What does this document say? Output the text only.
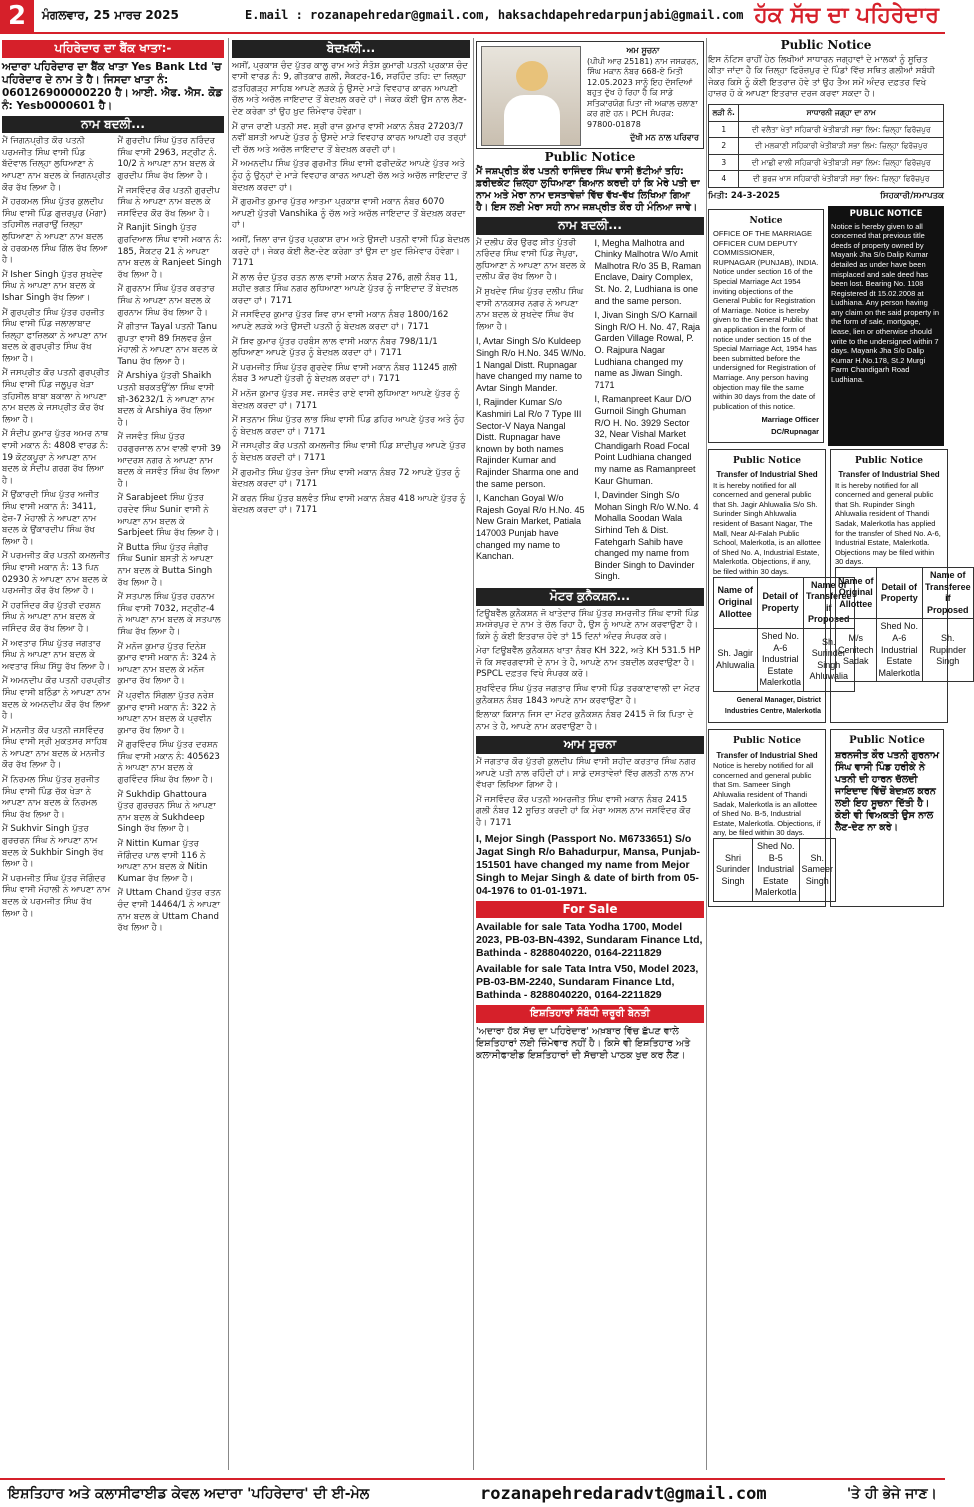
2	ਮੰਗਲਵਾਰ, 25 ਮਾਰਚ 2025	E.mail : rozanapehredar@gmail.com, haksachdapehredarpunjabi@gmail.com ਹੱਕ ਸੱਚ ਦਾ ਪਹਿਰੇਦਾਰ
ਪਹਿਰੇਦਾਰ ਦਾ ਬੈਂਕ ਖਾਤਾ:-
ਅਦਾਰਾ ਪਹਿਰੇਦਾਰ ਦਾ ਬੈਂਕ ਖਾਤਾ Yes Bank Ltd 'ਚ ਪਹਿਰੇਦਾਰ ਦੇ ਨਾਮ ਤੇ ਹੈ। ਜਿਸਦਾ ਖਾਤਾ ਨੰ: 060126900000220 ਹੈ। ਆਈ. ਐਫ. ਐਸ. ਕੋਡ ਨੰ: Yesb0000601 ਹੈ।
ਨਾਮ ਬਦਲੀ...

ਮੈਂ ਜਿਗਨਪ੍ਰੀਤ ਕੌਰ ਪਤਨੀ ਪਰਮਜੀਤ ਸਿੰਘ ਵਾਸੀ ਪਿੰਡ ਬੱਦੋਵਾਲ ਜ਼ਿਲ੍ਹਾ ਲੁਧਿਆਣਾ ਨੇ ਆਪਣਾ ਨਾਮ ਬਦਲ ਕੇ ਜਿਗਨਪ੍ਰੀਤ ਕੌਰ ਰੱਖ ਲਿਆ ਹੈ।

ਮੈਂ ਹਰਕਮਲ ਸਿੰਘ ਪੁੱਤਰ ਕੁਲਦੀਪ ਸਿੰਘ ਵਾਸੀ ਪਿੰਡ ਗੁਜ਼ਰਪੁਰ (ਮੋਗਾ) ਤਹਿਸੀਲ ਜਗਰਾਉਂ ਜ਼ਿਲ੍ਹਾ ਲੁਧਿਆਣਾ ਨੇ ਆਪਣਾ ਨਾਮ ਬਦਲ ਕੇ ਹਰਕਮਲ ਸਿੰਘ ਗਿੱਲ ਰੱਖ ਲਿਆ ਹੈ।

ਮੈਂ Isher Singh ਪੁੱਤਰ ਸੁਖਦੇਵ ਸਿੰਘ ਨੇ ਆਪਣਾ ਨਾਮ ਬਦਲ ਕੇ Ishar Singh ਰੱਖ ਲਿਆ।

ਮੈਂ ਗੁਰਪ੍ਰੀਤ ਸਿੰਘ ਪੁੱਤਰ ਹਰਜੀਤ ਸਿੰਘ ਵਾਸੀ ਪਿੰਡ ਜਲਾਲਾਬਾਦ ਜ਼ਿਲ੍ਹਾ ਫਾਜ਼ਿਲਕਾ ਨੇ ਆਪਣਾ ਨਾਮ ਬਦਲ ਕੇ ਗੁਰਪ੍ਰੀਤ ਸਿੰਘ ਰੱਖ ਲਿਆ ਹੈ।

ਮੈਂ ਜਸਪ੍ਰੀਤ ਕੌਰ ਪਤਨੀ ਗੁਰਪ੍ਰੀਤ ਸਿੰਘ ਵਾਸੀ ਪਿੰਡ ਜਲੂਪੁਰ ਖੇੜਾ ਤਹਿਸੀਲ ਬਾਬਾ ਬਕਾਲਾ ਨੇ ਆਪਣਾ ਨਾਮ ਬਦਲ ਕੇ ਜਸਪ੍ਰੀਤ ਕੌਰ ਰੱਖ ਲਿਆ ਹੈ।

ਮੈਂ ਸੰਦੀਪ ਕੁਮਾਰ ਪੁੱਤਰ ਅਮਰ ਨਾਥ ਵਾਸੀ ਮਕਾਨ ਨੰ: 4808 ਵਾਰਡ ਨੰ: 19 ਕੋਟਕਪੂਰਾ ਨੇ ਆਪਣਾ ਨਾਮ ਬਦਲ ਕੇ ਸੰਦੀਪ ਗਰਗ ਰੱਖ ਲਿਆ ਹੈ।

ਮੈਂ ਉਂਕਾਰਦੀ ਸਿੰਘ ਪੁੱਤਰ ਅਜੀਤ ਸਿੰਘ ਵਾਸੀ ਮਕਾਨ ਨੰ: 3411, ਫੇਜ਼-7 ਮੋਹਾਲੀ ਨੇ ਆਪਣਾ ਨਾਮ ਬਦਲ ਕੇ ਉਂਕਾਰਦੀਪ ਸਿੰਘ ਰੱਖ ਲਿਆ ਹੈ।

ਮੈਂ ਪਰਮਜੀਤ ਕੌਰ ਪਤਨੀ ਕਮਲਜੀਤ ਸਿੰਘ ਵਾਸੀ ਮਕਾਨ ਨੰ: 13 ਪਿਨ 02930 ਨੇ ਆਪਣਾ ਨਾਮ ਬਦਲ ਕੇ ਪਰਮਜੀਤ ਕੌਰ ਰੱਖ ਲਿਆ ਹੈ।

ਮੈਂ ਹਰਜਿੰਦਰ ਕੌਰ ਪੁੱਤਰੀ ਦਰਸ਼ਨ ਸਿੰਘ ਨੇ ਆਪਣਾ ਨਾਮ ਬਦਲ ਕੇ ਜਸਿੰਦਰ ਕੌਰ ਰੱਖ ਲਿਆ ਹੈ।

ਮੈਂ ਅਵਤਾਰ ਸਿੰਘ ਪੁੱਤਰ ਜਗਤਾਰ ਸਿੰਘ ਨੇ ਆਪਣਾ ਨਾਮ ਬਦਲ ਕੇ ਅਵਤਾਰ ਸਿੰਘ ਸਿੱਧੂ ਰੱਖ ਲਿਆ ਹੈ।

ਮੈਂ ਅਮਨਦੀਪ ਕੌਰ ਪਤਨੀ ਹਰਪ੍ਰੀਤ ਸਿੰਘ ਵਾਸੀ ਬਠਿੰਡਾ ਨੇ ਆਪਣਾ ਨਾਮ ਬਦਲ ਕੇ ਅਮਨਦੀਪ ਕੌਰ ਰੱਖ ਲਿਆ ਹੈ।

ਮੈਂ ਮਨਜੀਤ ਕੌਰ ਪਤਨੀ ਜਸਵਿੰਦਰ ਸਿੰਘ ਵਾਸੀ ਸ੍ਰੀ ਮੁਕਤਸਰ ਸਾਹਿਬ ਨੇ ਆਪਣਾ ਨਾਮ ਬਦਲ ਕੇ ਮਨਜੀਤ ਕੌਰ ਰੱਖ ਲਿਆ ਹੈ।

ਮੈਂ ਨਿਰਮਲ ਸਿੰਘ ਪੁੱਤਰ ਸੁਰਜੀਤ ਸਿੰਘ ਵਾਸੀ ਪਿੰਡ ਚੱਕ ਖੇੜਾ ਨੇ ਆਪਣਾ ਨਾਮ ਬਦਲ ਕੇ ਨਿਰਮਲ ਸਿੰਘ ਰੱਖ ਲਿਆ ਹੈ।

ਮੈਂ Sukhvir Singh ਪੁੱਤਰ ਗੁਰਚਰਨ ਸਿੰਘ ਨੇ ਆਪਣਾ ਨਾਮ ਬਦਲ ਕੇ Sukhbir Singh ਰੱਖ ਲਿਆ ਹੈ।

ਮੈਂ ਪਰਮਜੀਤ ਸਿੰਘ ਪੁੱਤਰ ਜੋਗਿੰਦਰ ਸਿੰਘ ਵਾਸੀ ਮੋਹਾਲੀ ਨੇ ਆਪਣਾ ਨਾਮ ਬਦਲ ਕੇ ਪਰਮਜੀਤ ਸਿੰਘ ਰੱਖ ਲਿਆ ਹੈ।

ਮੈਂ ਗੁਰਦੀਪ ਸਿੰਘ ਪੁੱਤਰ ਨਰਿੰਦਰ ਸਿੰਘ ਵਾਸੀ 2963, ਸਟ੍ਰੀਟ ਨੰ. 10/2 ਨੇ ਆਪਣਾ ਨਾਮ ਬਦਲ ਕੇ ਗੁਰਦੀਪ ਸਿੰਘ ਰੱਖ ਲਿਆ ਹੈ।

ਮੈਂ ਜਸਵਿੰਦਰ ਕੌਰ ਪਤਨੀ ਗੁਰਦੀਪ ਸਿੰਘ ਨੇ ਆਪਣਾ ਨਾਮ ਬਦਲ ਕੇ ਜਸਵਿੰਦਰ ਕੌਰ ਰੱਖ ਲਿਆ ਹੈ।

ਮੈਂ Ranjit Singh ਪੁੱਤਰ ਗੁਰਦਿਆਲ ਸਿੰਘ ਵਾਸੀ ਮਕਾਨ ਨੰ: 185, ਸੈਕਟਰ 21 ਨੇ ਆਪਣਾ ਨਾਮ ਬਦਲ ਕੇ Ranjeet Singh ਰੱਖ ਲਿਆ ਹੈ।

ਮੈਂ ਗੁਰਨਾਮ ਸਿੰਘ ਪੁੱਤਰ ਕਰਤਾਰ ਸਿੰਘ ਨੇ ਆਪਣਾ ਨਾਮ ਬਦਲ ਕੇ ਗੁਰਨਾਮ ਸਿੰਘ ਰੱਖ ਲਿਆ ਹੈ।

ਮੈਂ ਗੀਤਾਜ Tayal ਪਤਨੀ Tanu ਗੁਪਤਾ ਵਾਸੀ 89 ਸਿਲਵਰ ਕੁੰਜ ਮੋਹਾਲੀ ਨੇ ਆਪਣਾ ਨਾਮ ਬਦਲ ਕੇ Tanu ਰੱਖ ਲਿਆ ਹੈ।

ਮੈਂ Arshiya ਪੁੱਤਰੀ Shaikh ਪਤਨੀ ਬਰਕਤਉੱਲਾ ਸਿੰਘ ਵਾਸੀ ਬੀ-36232/1 ਨੇ ਆਪਣਾ ਨਾਮ ਬਦਲ ਕੇ Arshiya ਰੱਖ ਲਿਆ ਹੈ।

ਮੈਂ ਜਸਵੰਤ ਸਿੰਘ ਪੁੱਤਰ ਹਰਗੁਰਜਾਲ ਨਾਮ ਵਾਲੀ ਵਾਸੀ 39 ਆਦਰਸ਼ ਨਗਰ ਨੇ ਆਪਣਾ ਨਾਮ ਬਦਲ ਕੇ ਜਸਵੰਤ ਸਿੰਘ ਰੱਖ ਲਿਆ ਹੈ।

ਮੈਂ Sarabjeet ਸਿੰਘ ਪੁੱਤਰ ਹਰਦੇਵ ਸਿੰਘ Sunir ਵਾਸੀ ਨੇ ਆਪਣਾ ਨਾਮ ਬਦਲ ਕੇ Sarbjeet ਸਿੰਘ ਰੱਖ ਲਿਆ ਹੈ।

ਮੈਂ Butta ਸਿੰਘ ਪੁੱਤਰ ਜੰਗੀਰ ਸਿੰਘ Sunir ਬਸਤੀ ਨੇ ਆਪਣਾ ਨਾਮ ਬਦਲ ਕੇ Butta Singh ਰੱਖ ਲਿਆ ਹੈ।

ਮੈਂ ਸਤਪਾਲ ਸਿੰਘ ਪੁੱਤਰ ਹਰਨਾਮ ਸਿੰਘ ਵਾਸੀ 7032, ਸਟ੍ਰੀਟ-4 ਨੇ ਆਪਣਾ ਨਾਮ ਬਦਲ ਕੇ ਸਤਪਾਲ ਸਿੰਘ ਰੱਖ ਲਿਆ ਹੈ।

ਮੈਂ ਮਨੋਜ ਕੁਮਾਰ ਪੁੱਤਰ ਦਿਨੇਸ਼ ਕੁਮਾਰ ਵਾਸੀ ਮਕਾਨ ਨੰ: 324 ਨੇ ਆਪਣਾ ਨਾਮ ਬਦਲ ਕੇ ਮਨੋਜ ਕੁਮਾਰ ਰੱਖ ਲਿਆ ਹੈ।

ਮੈਂ ਪ੍ਰਵੀਨ ਸਿੰਗਲਾ ਪੁੱਤਰ ਨਰੇਸ਼ ਕੁਮਾਰ ਵਾਸੀ ਮਕਾਨ ਨੰ: 322 ਨੇ ਆਪਣਾ ਨਾਮ ਬਦਲ ਕੇ ਪ੍ਰਵੀਨ ਕੁਮਾਰ ਰੱਖ ਲਿਆ ਹੈ।

ਮੈਂ ਗੁਰਵਿੰਦਰ ਸਿੰਘ ਪੁੱਤਰ ਦਰਸ਼ਨ ਸਿੰਘ ਵਾਸੀ ਮਕਾਨ ਨੰ: 405623 ਨੇ ਆਪਣਾ ਨਾਮ ਬਦਲ ਕੇ ਗੁਰਵਿੰਦਰ ਸਿੰਘ ਰੱਖ ਲਿਆ ਹੈ।

ਮੈਂ Sukhdip Ghattoura ਪੁੱਤਰ ਗੁਰਚਰਨ ਸਿੰਘ ਨੇ ਆਪਣਾ ਨਾਮ ਬਦਲ ਕੇ Sukhdeep Singh ਰੱਖ ਲਿਆ ਹੈ।

ਮੈਂ Nittin Kumar ਪੁੱਤਰ ਜੋਗਿੰਦਰ ਪਾਲ ਵਾਸੀ 116 ਨੇ ਆਪਣਾ ਨਾਮ ਬਦਲ ਕੇ Nitin Kumar ਰੱਖ ਲਿਆ ਹੈ।

ਮੈਂ Uttam Chand ਪੁੱਤਰ ਰਤਨ ਚੰਦ ਵਾਸੀ 14464/1 ਨੇ ਆਪਣਾ ਨਾਮ ਬਦਲ ਕੇ Uttam Chand ਰੱਖ ਲਿਆ ਹੈ।

ਬੇਦਖ਼ਲੀ...

ਅਸੀਂ, ਪ੍ਰਕਾਸ਼ ਚੰਦ ਪੁੱਤਰ ਕਾਲੂ ਰਾਮ ਅਤੇ ਸੰਤੋਸ਼ ਕੁਮਾਰੀ ਪਤਨੀ ਪ੍ਰਕਾਸ਼ ਚੰਦ ਵਾਸੀ ਵਾਰਡ ਨੰ: 9, ਗੀਤਕਾਰ ਗਲੀ, ਸੈਕਟਰ-16, ਸਰਹਿੰਦ ਤਹਿ: ਦਾ ਜ਼ਿਲ੍ਹਾ ਫ਼ਤਹਿਗੜ੍ਹ ਸਾਹਿਬ ਆਪਣੇ ਲੜਕੇ ਨੂੰ ਉਸਦੇ ਮਾੜੇ ਵਿਵਹਾਰ ਕਾਰਨ ਆਪਣੀ ਚੱਲ ਅਤੇ ਅਚੱਲ ਜਾਇਦਾਦ ਤੋਂ ਬੇਦਖ਼ਲ ਕਰਦੇ ਹਾਂ। ਜੇਕਰ ਕੋਈ ਉਸ ਨਾਲ ਲੈਣ-ਦੇਣ ਕਰੇਗਾ ਤਾਂ ਉਹ ਖ਼ੁਦ ਜ਼ਿੰਮੇਵਾਰ ਹੋਵੇਗਾ।

ਮੈਂ ਰਾਜ ਰਾਣੀ ਪਤਨੀ ਸਵ. ਸ਼੍ਰੀ ਰਾਜ ਕੁਮਾਰ ਵਾਸੀ ਮਕਾਨ ਨੰਬਰ 27203/7 ਨਵੀਂ ਬਸਤੀ ਆਪਣੇ ਪੁੱਤਰ ਨੂੰ ਉਸਦੇ ਮਾੜੇ ਵਿਵਹਾਰ ਕਾਰਨ ਆਪਣੀ ਹਰ ਤਰ੍ਹਾਂ ਦੀ ਚੱਲ ਅਤੇ ਅਚੱਲ ਜਾਇਦਾਦ ਤੋਂ ਬੇਦਖ਼ਲ ਕਰਦੀ ਹਾਂ।

ਮੈਂ ਅਮਨਦੀਪ ਸਿੰਘ ਪੁੱਤਰ ਗੁਰਮੀਤ ਸਿੰਘ ਵਾਸੀ ਫਰੀਦਕੋਟ ਆਪਣੇ ਪੁੱਤਰ ਅਤੇ ਨੂੰਹ ਨੂੰ ਉਨ੍ਹਾਂ ਦੇ ਮਾੜੇ ਵਿਵਹਾਰ ਕਾਰਨ ਆਪਣੀ ਚੱਲ ਅਤੇ ਅਚੱਲ ਜਾਇਦਾਦ ਤੋਂ ਬੇਦਖ਼ਲ ਕਰਦਾ ਹਾਂ।

ਮੈਂ ਗੁਰਮੀਤ ਕੁਮਾਰ ਪੁੱਤਰ ਆਤਮਾ ਪ੍ਰਕਾਸ਼ ਵਾਸੀ ਮਕਾਨ ਨੰਬਰ 6070 ਆਪਣੀ ਪੁੱਤਰੀ Vanshika ਨੂੰ ਚੱਲ ਅਤੇ ਅਚੱਲ ਜਾਇਦਾਦ ਤੋਂ ਬੇਦਖ਼ਲ ਕਰਦਾ ਹਾਂ।

ਅਸੀਂ, ਜਿਲਾ ਰਾਜ ਪੁੱਤਰ ਪ੍ਰਕਾਸ਼ ਰਾਮ ਅਤੇ ਉਸਦੀ ਪਤਨੀ ਵਾਸੀ ਪਿੰਡ ਬੇਦਖ਼ਲ ਕਰਦੇ ਹਾਂ। ਜੇਕਰ ਕੋਈ ਲੈਣ-ਦੇਣ ਕਰੇਗਾ ਤਾਂ ਉਸ ਦਾ ਖ਼ੁਦ ਜ਼ਿੰਮੇਵਾਰ ਹੋਵੇਗਾ। 7171

ਮੈਂ ਲਾਲ ਚੰਦ ਪੁੱਤਰ ਰਤਨ ਲਾਲ ਵਾਸੀ ਮਕਾਨ ਨੰਬਰ 276, ਗਲੀ ਨੰਬਰ 11, ਸ਼ਹੀਦ ਭਗਤ ਸਿੰਘ ਨਗਰ ਲੁਧਿਆਣਾ ਆਪਣੇ ਪੁੱਤਰ ਨੂੰ ਜਾਇਦਾਦ ਤੋਂ ਬੇਦਖ਼ਲ ਕਰਦਾ ਹਾਂ। 7171

ਮੈਂ ਜਸਵਿੰਦਰ ਕੁਮਾਰ ਪੁੱਤਰ ਸ਼ਿਵ ਰਾਮ ਵਾਸੀ ਮਕਾਨ ਨੰਬਰ 1800/162 ਆਪਣੇ ਲੜਕੇ ਅਤੇ ਉਸਦੀ ਪਤਨੀ ਨੂੰ ਬੇਦਖ਼ਲ ਕਰਦਾ ਹਾਂ। 7171

ਮੈਂ ਸ਼ਿਵ ਕੁਮਾਰ ਪੁੱਤਰ ਹਰਬੰਸ ਲਾਲ ਵਾਸੀ ਮਕਾਨ ਨੰਬਰ 798/11/1 ਲੁਧਿਆਣਾ ਆਪਣੇ ਪੁੱਤਰ ਨੂੰ ਬੇਦਖ਼ਲ ਕਰਦਾ ਹਾਂ। 7171

ਮੈਂ ਪਰਮਜੀਤ ਸਿੰਘ ਪੁੱਤਰ ਗੁਰਦੇਵ ਸਿੰਘ ਵਾਸੀ ਮਕਾਨ ਨੰਬਰ 11245 ਗਲੀ ਨੰਬਰ 3 ਆਪਣੀ ਪੁੱਤਰੀ ਨੂੰ ਬੇਦਖ਼ਲ ਕਰਦਾ ਹਾਂ। 7171

ਮੈਂ ਮਨੋਜ ਕੁਮਾਰ ਪੁੱਤਰ ਸਵ. ਜਸਵੰਤ ਰਾਏ ਵਾਸੀ ਲੁਧਿਆਣਾ ਆਪਣੇ ਪੁੱਤਰ ਨੂੰ ਬੇਦਖ਼ਲ ਕਰਦਾ ਹਾਂ। 7171

ਮੈਂ ਸਤਨਾਮ ਸਿੰਘ ਪੁੱਤਰ ਲਾਭ ਸਿੰਘ ਵਾਸੀ ਪਿੰਡ ਡਹਿਰ ਆਪਣੇ ਪੁੱਤਰ ਅਤੇ ਨੂੰਹ ਨੂੰ ਬੇਦਖ਼ਲ ਕਰਦਾ ਹਾਂ। 7171

ਮੈਂ ਜਸਪ੍ਰੀਤ ਕੌਰ ਪਤਨੀ ਕਮਲਜੀਤ ਸਿੰਘ ਵਾਸੀ ਪਿੰਡ ਸ਼ਾਦੀਪੁਰ ਆਪਣੇ ਪੁੱਤਰ ਨੂੰ ਬੇਦਖ਼ਲ ਕਰਦੀ ਹਾਂ। 7171

ਮੈਂ ਗੁਰਮੀਤ ਸਿੰਘ ਪੁੱਤਰ ਤੇਜਾ ਸਿੰਘ ਵਾਸੀ ਮਕਾਨ ਨੰਬਰ 72 ਆਪਣੇ ਪੁੱਤਰ ਨੂੰ ਬੇਦਖ਼ਲ ਕਰਦਾ ਹਾਂ। 7171

ਮੈਂ ਕਰਨ ਸਿੰਘ ਪੁੱਤਰ ਬਲਵੰਤ ਸਿੰਘ ਵਾਸੀ ਮਕਾਨ ਨੰਬਰ 418 ਆਪਣੇ ਪੁੱਤਰ ਨੂੰ ਬੇਦਖ਼ਲ ਕਰਦਾ ਹਾਂ। 7171

ਅਮ ਸੂਚਨਾ

(ਪੀਪੀ ਆਰ 25181) ਨਾਮ ਜਸਕਰਨ, ਸਿੰਘ ਮਕਾਨ ਨੰਬਰ 668-ਏ ਮਿਤੀ 12.05.2023 ਸਾਨੂੰ ਇਹ ਦੱਸਦਿਆਂ ਬਹੁਤ ਦੁੱਖ ਹੋ ਰਿਹਾ ਹੈ ਕਿ ਸਾਡੇ ਸਤਿਕਾਰਯੋਗ ਪਿਤਾ ਜੀ ਅਕਾਲ ਚਲਾਣਾ ਕਰ ਗਏ ਹਨ। PCH ਸੰਪਰਕ: 97800-01878

ਦੁੱਖੀ ਮਨ ਨਾਲ ਪਰਿਵਾਰ

Public Notice

ਮੈਂ ਜਸ਼ਪ੍ਰੀਤ ਕੌਰ ਪਤਨੀ ਰਾਜਿੰਦਰ ਸਿੰਘ ਵਾਸੀ ਭੱਟੀਆਂ ਤਹਿ: ਫ਼ਰੀਦਕੋਟ ਜ਼ਿਲ੍ਹਾ ਲੁਧਿਆਣਾ ਬਿਆਨ ਕਰਦੀ ਹਾਂ ਕਿ ਮੇਰੇ ਪਤੀ ਦਾ ਨਾਮ ਅਤੇ ਮੇਰਾ ਨਾਮ ਦਸਤਾਵੇਜ਼ਾਂ ਵਿੱਚ ਵੱਖ-ਵੱਖ ਲਿਖਿਆ ਗਿਆ ਹੈ। ਇਸ ਲਈ ਮੇਰਾ ਸਹੀ ਨਾਮ ਜਸ਼ਪ੍ਰੀਤ ਕੌਰ ਹੀ ਮੰਨਿਆ ਜਾਵੇ।

ਨਾਮ ਬਦਲੀ...

ਮੈਂ ਦਲੀਪ ਕੌਰ ਉਰਫ ਸ਼ੀਤ ਪੁੱਤਰੀ ਨਰਿੰਦਰ ਸਿੰਘ ਵਾਸੀ ਪਿੰਡ ਜੈਪੁਰਾ, ਲੁਧਿਆਣਾ ਨੇ ਆਪਣਾ ਨਾਮ ਬਦਲ ਕੇ ਦਲੀਪ ਕੌਰ ਰੱਖ ਲਿਆ ਹੈ।

ਮੈਂ ਸੁਖਦੇਵ ਸਿੰਘ ਪੁੱਤਰ ਦਲੀਪ ਸਿੰਘ ਵਾਸੀ ਨਾਨਕਸਰ ਨਗਰ ਨੇ ਆਪਣਾ ਨਾਮ ਬਦਲ ਕੇ ਸੁਖਦੇਵ ਸਿੰਘ ਰੱਖ ਲਿਆ ਹੈ।

I, Avtar Singh S/o Kuldeep Singh R/o H.No. 345 W/No. 1 Nangal Distt. Rupnagar have changed my name to Avtar Singh Mander.

I, Rajinder Kumar S/o Kashmiri Lal R/o 7 Type III Sector-V Naya Nangal Distt. Rupnagar have known by both names Rajinder Kumar and Rajinder Sharma one and the same person.

I, Kanchan Goyal W/o Rajesh Goyal R/o H.No. 45 New Grain Market, Patiala 147003 Punjab have changed my name to Kanchan.

I, Megha Malhotra and Chinky Malhotra W/o Amit Malhotra R/o 35 B, Raman Enclave, Dairy Complex, St. No. 2, Ludhiana is one and the same person.

I, Jivan Singh S/O Karnail Singh R/O H. No. 47, Raja Garden Village Rowal, P. O. Rajpura Nagar Ludhiana changed my name as Jiwan Singh. 7171

I, Ramanpreet Kaur D/O Gurnoil Singh Ghuman R/O H. No. 3929 Sector 32, Near Vishal Market Chandigarh Road Focal Point Ludhiana changed my name as Ramanpreet Kaur Ghuman.

I, Davinder Singh S/o Mohan Singh R/o W.No. 4 Mohalla Soodan Wala Sirhind Teh & Dist. Fatehgarh Sahib have changed my name from Binder Singh to Davinder Singh.

ਮੋਟਰ ਕੁਨੈਕਸ਼ਨ...

ਟਿਊਬਵੈੱਲ ਕੁਨੈਕਸ਼ਨ ਜੋ ਖਾਤੇਦਾਰ ਸਿੰਘ ਪੁੱਤਰ ਸਮਰਜੀਤ ਸਿੰਘ ਵਾਸੀ ਪਿੰਡ ਸ਼ਮਸ਼ੇਰਪੁਰ ਦੇ ਨਾਮ ਤੇ ਚੱਲ ਰਿਹਾ ਹੈ, ਉਸ ਨੂੰ ਆਪਣੇ ਨਾਮ ਕਰਵਾਉਣਾ ਹੈ। ਕਿਸੇ ਨੂੰ ਕੋਈ ਇਤਰਾਜ਼ ਹੋਵੇ ਤਾਂ 15 ਦਿਨਾਂ ਅੰਦਰ ਸੰਪਰਕ ਕਰੇ।

ਮੇਰਾ ਟਿਊਬਵੈੱਲ ਕੁਨੈਕਸ਼ਨ ਖਾਤਾ ਨੰਬਰ KH 322, ਅਤੇ KH 531.5 HP ਜੋ ਕਿ ਸਵਰਗਵਾਸੀ ਦੇ ਨਾਮ ਤੇ ਹੈ, ਆਪਣੇ ਨਾਮ ਤਬਦੀਲ ਕਰਵਾਉਣਾ ਹੈ। PSPCL ਦਫ਼ਤਰ ਵਿਖੇ ਸੰਪਰਕ ਕਰੋ।

ਸੁਖਵਿੰਦਰ ਸਿੰਘ ਪੁੱਤਰ ਜਗਤਾਰ ਸਿੰਘ ਵਾਸੀ ਪਿੰਡ ਤਰਕਾਣਾਵਾਲੀ ਦਾ ਮੋਟਰ ਕੁਨੈਕਸ਼ਨ ਨੰਬਰ 1843 ਆਪਣੇ ਨਾਮ ਕਰਵਾਉਣਾ ਹੈ।

ਇਲਾਕਾ ਕਿਸਾਨ ਜਿਸ ਦਾ ਮੋਟਰ ਕੁਨੈਕਸ਼ਨ ਨੰਬਰ 2415 ਜੋ ਕਿ ਪਿਤਾ ਦੇ ਨਾਮ ਤੇ ਹੈ, ਆਪਣੇ ਨਾਮ ਕਰਵਾਉਣਾ ਹੈ।

ਆਮ ਸੂਚਨਾ

ਮੈਂ ਜਗਤਾਰ ਕੌਰ ਪੁੱਤਰੀ ਕੁਲਦੀਪ ਸਿੰਘ ਵਾਸੀ ਸ਼ਹੀਦ ਕਰਤਾਰ ਸਿੰਘ ਨਗਰ ਆਪਣੇ ਪਤੀ ਨਾਲ ਰਹਿੰਦੀ ਹਾਂ। ਸਾਡੇ ਦਸਤਾਵੇਜ਼ਾਂ ਵਿੱਚ ਗਲਤੀ ਨਾਲ ਨਾਮ ਵੱਖਰਾ ਲਿਖਿਆ ਗਿਆ ਹੈ।

ਮੈਂ ਜਸਵਿੰਦਰ ਕੌਰ ਪਤਨੀ ਅਮਰਜੀਤ ਸਿੰਘ ਵਾਸੀ ਮਕਾਨ ਨੰਬਰ 2415 ਗਲੀ ਨੰਬਰ 12 ਸੂਚਿਤ ਕਰਦੀ ਹਾਂ ਕਿ ਮੇਰਾ ਅਸਲ ਨਾਮ ਜਸਵਿੰਦਰ ਕੌਰ ਹੈ। 7171

I, Mejor Singh (Passport No. M6733651) S/o Jagat Singh R/o Bahadurpur, Mansa, Punjab-151501 have changed my name from Mejor Singh to Mejar Singh & date of birth from 05-04-1976 to 01-01-1971.

For Sale

Available for sale Tata Yodha 1700, Model 2023, PB-03-BN-4392, Sundaram Finance Ltd, Bathinda - 8288040220, 0164-2211829

Available for sale Tata Intra V50, Model 2023, PB-03-BM-2240, Sundaram Finance Ltd, Bathinda - 8288040220, 0164-2211829

ਇਸ਼ਤਿਹਾਰਾਂ ਸੰਬੰਧੀ ਜ਼ਰੂਰੀ ਬੇਨਤੀ

'ਅਦਾਰਾ ਹੱਕ ਸੱਚ ਦਾ ਪਹਿਰੇਦਾਰ' ਅਖ਼ਬਾਰ ਵਿੱਚ ਛੱਪਣ ਵਾਲੇ ਇਸ਼ਤਿਹਾਰਾਂ ਲਈ ਜ਼ਿੰਮੇਵਾਰ ਨਹੀਂ ਹੈ। ਕਿਸੇ ਵੀ ਇਸ਼ਤਿਹਾਰ ਅਤੇ ਕਲਾਸੀਫਾਈਡ ਇਸ਼ਤਿਹਾਰਾਂ ਦੀ ਸੱਚਾਈ ਪਾਠਕ ਖੁਦ ਕਰ ਲੈਣ।

Public Notice

ਇਸ ਨੋਟਿਸ ਰਾਹੀਂ ਹੇਠ ਲਿਖੀਆਂ ਸਾਧਾਰਨ ਜਗ੍ਹਾਵਾਂ ਦੇ ਮਾਲਕਾਂ ਨੂੰ ਸੂਚਿਤ ਕੀਤਾ ਜਾਂਦਾ ਹੈ ਕਿ ਜ਼ਿਲ੍ਹਾ ਫਿਰੋਜ਼ਪੁਰ ਦੇ ਪਿੰਡਾਂ ਵਿੱਚ ਸਥਿਤ ਗਲੀਆਂ ਸਬੰਧੀ ਜੇਕਰ ਕਿਸੇ ਨੂੰ ਕੋਈ ਇਤਰਾਜ਼ ਹੋਵੇ ਤਾਂ ਉਹ ਤੈਅ ਸਮੇਂ ਅੰਦਰ ਦਫ਼ਤਰ ਵਿਖੇ ਹਾਜ਼ਰ ਹੋ ਕੇ ਆਪਣਾ ਇਤਰਾਜ਼ ਦਰਜ ਕਰਵਾ ਸਕਦਾ ਹੈ।

ਲੜੀ ਨੰ.	ਸਾਧਾਰਨੀ ਜਗ੍ਹਾ ਦਾ ਨਾਮ
1	ਦੀ ਵਲੈਤਾ ਖੇਤਾਂ ਸਹਿਕਾਰੀ ਖੇਤੀਬਾੜੀ ਸਭਾ ਲਿਮ: ਜ਼ਿਲ੍ਹਾ ਫਿਰੋਜ਼ਪੁਰ
2	ਦੀ ਮਲਕਾਣੀ ਸਹਿਕਾਰੀ ਖੇਤੀਬਾੜੀ ਸਭਾ ਲਿਮ: ਜ਼ਿਲ੍ਹਾ ਫਿਰੋਜ਼ਪੁਰ
3	ਦੀ ਮਾਛੀ ਵਾਲੀ ਸਹਿਕਾਰੀ ਖੇਤੀਬਾੜੀ ਸਭਾ ਲਿਮ: ਜ਼ਿਲ੍ਹਾ ਫਿਰੋਜ਼ਪੁਰ
4	ਦੀ ਬੁਰਜ ਖਾਸ ਸਹਿਕਾਰੀ ਖੇਤੀਬਾੜੀ ਸਭਾ ਲਿਮ: ਜ਼ਿਲ੍ਹਾ ਫਿਰੋਜ਼ਪੁਰ
ਮਿਤੀ: 24-3-2025	ਸਿਹਕਾਰੀ/ਸਮਾਪਤਕ
Notice

OFFICE OF THE MARRIAGE OFFICER CUM DEPUTY COMMISSIONER, RUPNAGAR (PUNJAB), INDIA. Notice under section 16 of the Special Marriage Act 1954 inviting objections of the General Public for Registration of Marriage. Notice is hereby given to the General Public that an application in the form of notice under section 15 of the Special Marriage Act, 1954 has been submitted before the undersigned for Registration of Marriage. Any person having objection may file the same within 30 days from the date of publication of this notice.

Marriage Officer DC/Rupnagar

PUBLIC NOTICE

Notice is hereby given to all concerned that previous title deeds of property owned by Mayank Jha S/o Dalip Kumar detailed as under have been misplaced and sale deed has been lost. Bearing No. 1108 Registered dt 15.02.2008 at Ludhiana. Any person having any claim on the said property in the form of sale, mortgage, lease, lien or otherwise should write to the undersigned within 7 days. Mayank Jha S/o Dalip Kumar H.No.178, St.2 Murgi Farm Chandigarh Road Ludhiana.

Public Notice
Transfer of Industrial Shed

It is hereby notified for all concerned and general public that Sh. Jagir Ahluwalia S/o Sh. Surinder Singh Ahluwalia resident of Basant Nagar, The Mall, Near Al-Falah Public School, Malerkotla, is an allottee of Shed No. A, Industrial Estate, Malerkotla. Objections, if any, be filed within 30 days.

Name of Original Allottee	Detail of Property	Name of Transferee if Proposed
Sh. Jagir Ahluwalia	Shed No. A-6 Industrial Estate Malerkotla	Sh. Surinder Singh Ahluwalia

General Manager, District Industries Centre, Malerkotla

Public Notice
Transfer of Industrial Shed

It is hereby notified for all concerned and general public that Sh. Rupinder Singh Ahluwalia resident of Thandi Sadak, Malerkotla has applied for the transfer of Shed No. A-6, Industrial Estate, Malerkotla. Objections may be filed within 30 days.

Name of Original Allottee	Detail of Property	Name of Transferee if Proposed
M/s Cenitech Sadak	Shed No. A-6 Industrial Estate Malerkotla	Sh. Rupinder Singh
Public Notice
Transfer of Industrial Shed

Notice is hereby notified for all concerned and general public that Sm. Sameer Singh Ahluwalia resident of Thandi Sadak, Malerkotla is an allottee of Shed No. B-5, Industrial Estate, Malerkotla. Objections, if any, be filed within 30 days.

Shri Surinder Singh	Shed No. B-5 Industrial Estate Malerkotla	Sh. Sameer Singh
Public Notice

ਸ਼ਰਨਜੀਤ ਕੌਰ ਪਤਨੀ ਗੁਰਨਾਮ ਸਿੰਘ ਵਾਸੀ ਪਿੰਡ ਹਰੀਕੇ ਨੇ ਪਤਨੀ ਦੀ ਹਾਰਨ ਚੱਲਦੀ ਜਾਇਦਾਦ ਵਿੱਚੋਂ ਬੇਦਖ਼ਲ ਕਰਨ ਲਈ ਇਹ ਸੂਚਨਾ ਦਿੱਤੀ ਹੈ। ਕੋਈ ਵੀ ਵਿਅਕਤੀ ਉਸ ਨਾਲ ਲੈਣ-ਦੇਣ ਨਾ ਕਰੇ।

ਇਸ਼ਤਿਹਾਰ ਅਤੇ ਕਲਾਸੀਫਾਈਡ ਕੇਵਲ ਅਦਾਰਾ 'ਪਹਿਰੇਦਾਰ' ਦੀ ਈ-ਮੇਲ	rozanapehredaradvt@gmail.com	'ਤੇ ਹੀ ਭੇਜੇ ਜਾਣ।
